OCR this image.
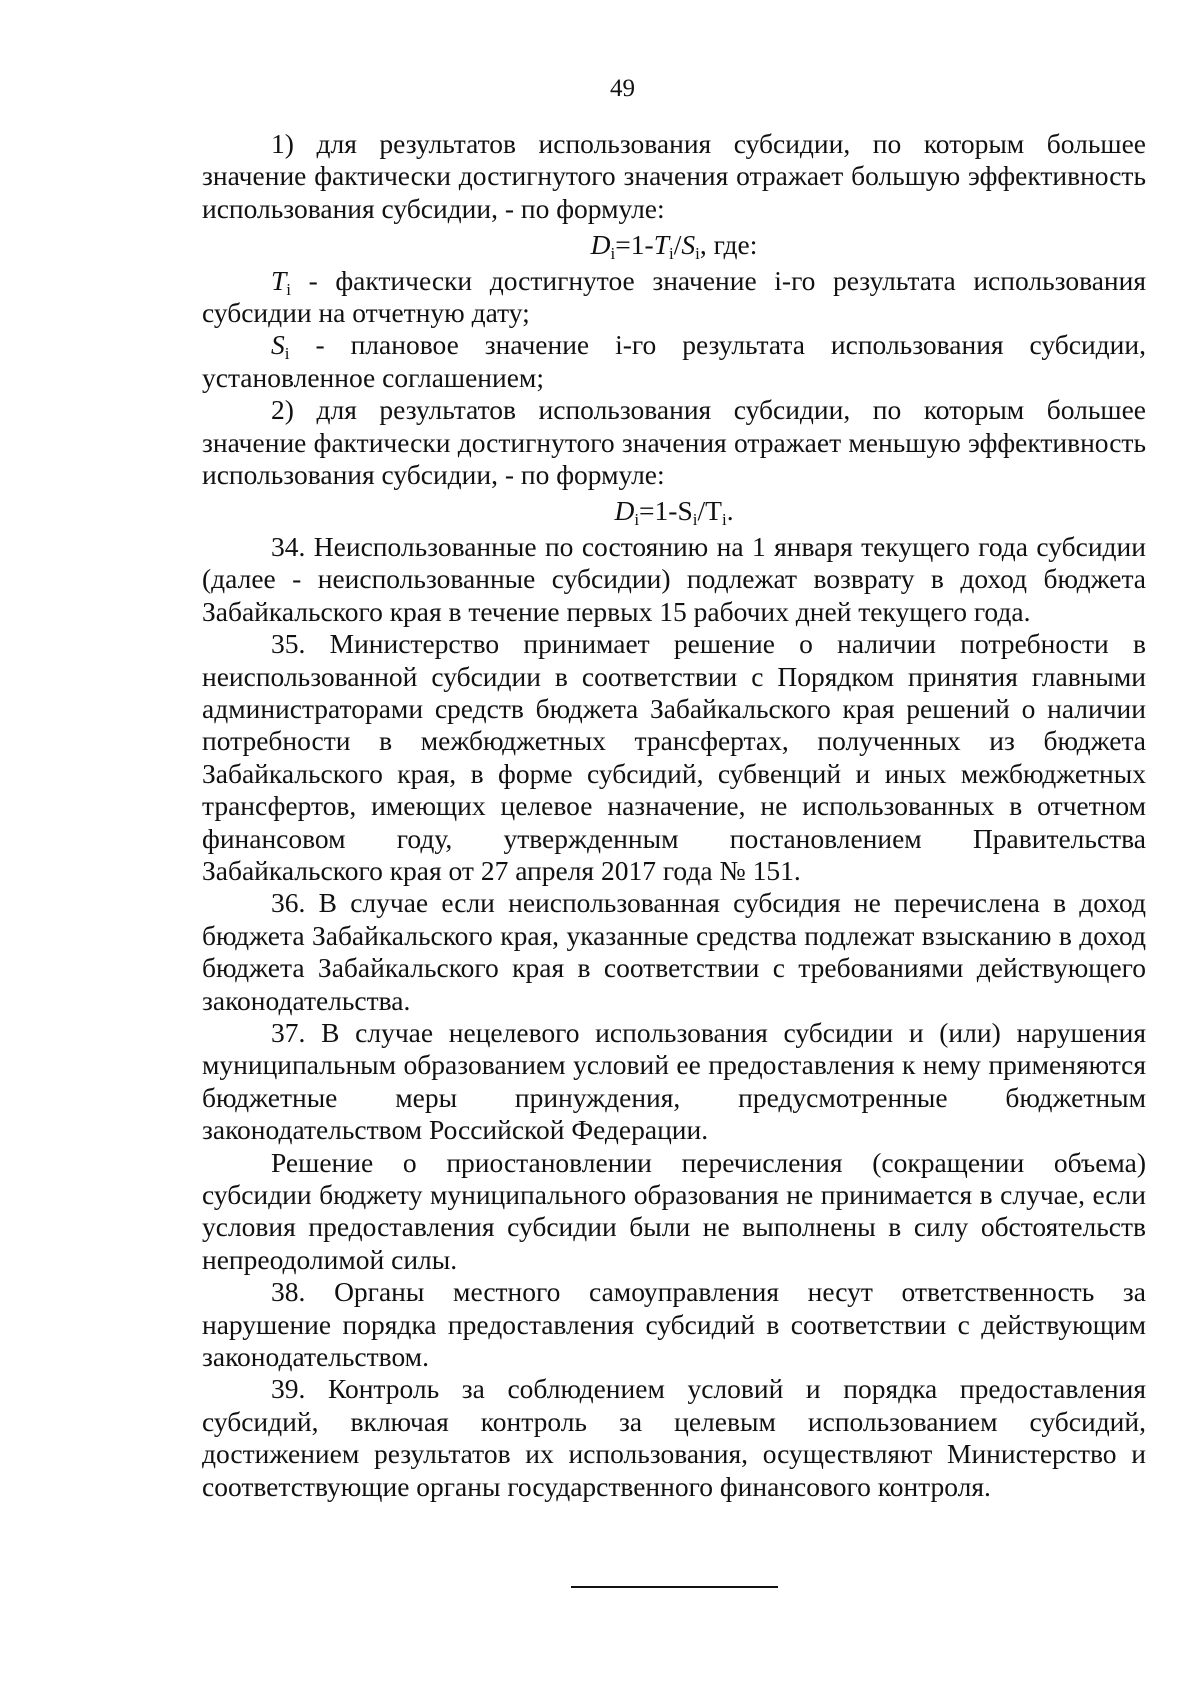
49

1) для результатов использования субсидии, по которым большее значение фактически достигнутого значения отражает большую эффективность использования субсидии, - по формуле:

$D_i=1-T_i/S_i$, где:

$T_i$ - фактически достигнутое значение i-го результата использования субсидии на отчетную дату;

$S_i$ - плановое значение i-го результата использования субсидии, установленное соглашением;

2) для результатов использования субсидии, по которым большее значение фактически достигнутого значения отражает меньшую эффективность использования субсидии, - по формуле:

$D_i=1-S_i/T_i$.

34. Неиспользованные по состоянию на 1 января текущего года субсидии (далее - неиспользованные субсидии) подлежат возврату в доход бюджета Забайкальского края в течение первых 15 рабочих дней текущего года.

35. Министерство принимает решение о наличии потребности в неиспользованной субсидии в соответствии с Порядком принятия главными администраторами средств бюджета Забайкальского края решений о наличии потребности в межбюджетных трансфертах, полученных из бюджета Забайкальского края, в форме субсидий, субвенций и иных межбюджетных трансфертов, имеющих целевое назначение, не использованных в отчетном финансовом году, утвержденным постановлением Правительства Забайкальского края от 27 апреля 2017 года № 151.

36. В случае если неиспользованная субсидия не перечислена в доход бюджета Забайкальского края, указанные средства подлежат взысканию в доход бюджета Забайкальского края в соответствии с требованиями действующего законодательства.

37. В случае нецелевого использования субсидии и (или) нарушения муниципальным образованием условий ее предоставления к нему применяются бюджетные меры принуждения, предусмотренные бюджетным законодательством Российской Федерации.

Решение о приостановлении перечисления (сокращении объема) субсидии бюджету муниципального образования не принимается в случае, если условия предоставления субсидии были не выполнены в силу обстоятельств непреодолимой силы.

38. Органы местного самоуправления несут ответственность за нарушение порядка предоставления субсидий в соответствии с действующим законодательством.

39. Контроль за соблюдением условий и порядка предоставления субсидий, включая контроль за целевым использованием субсидий, достижением результатов их использования, осуществляют Министерство и соответствующие органы государственного финансового контроля.
